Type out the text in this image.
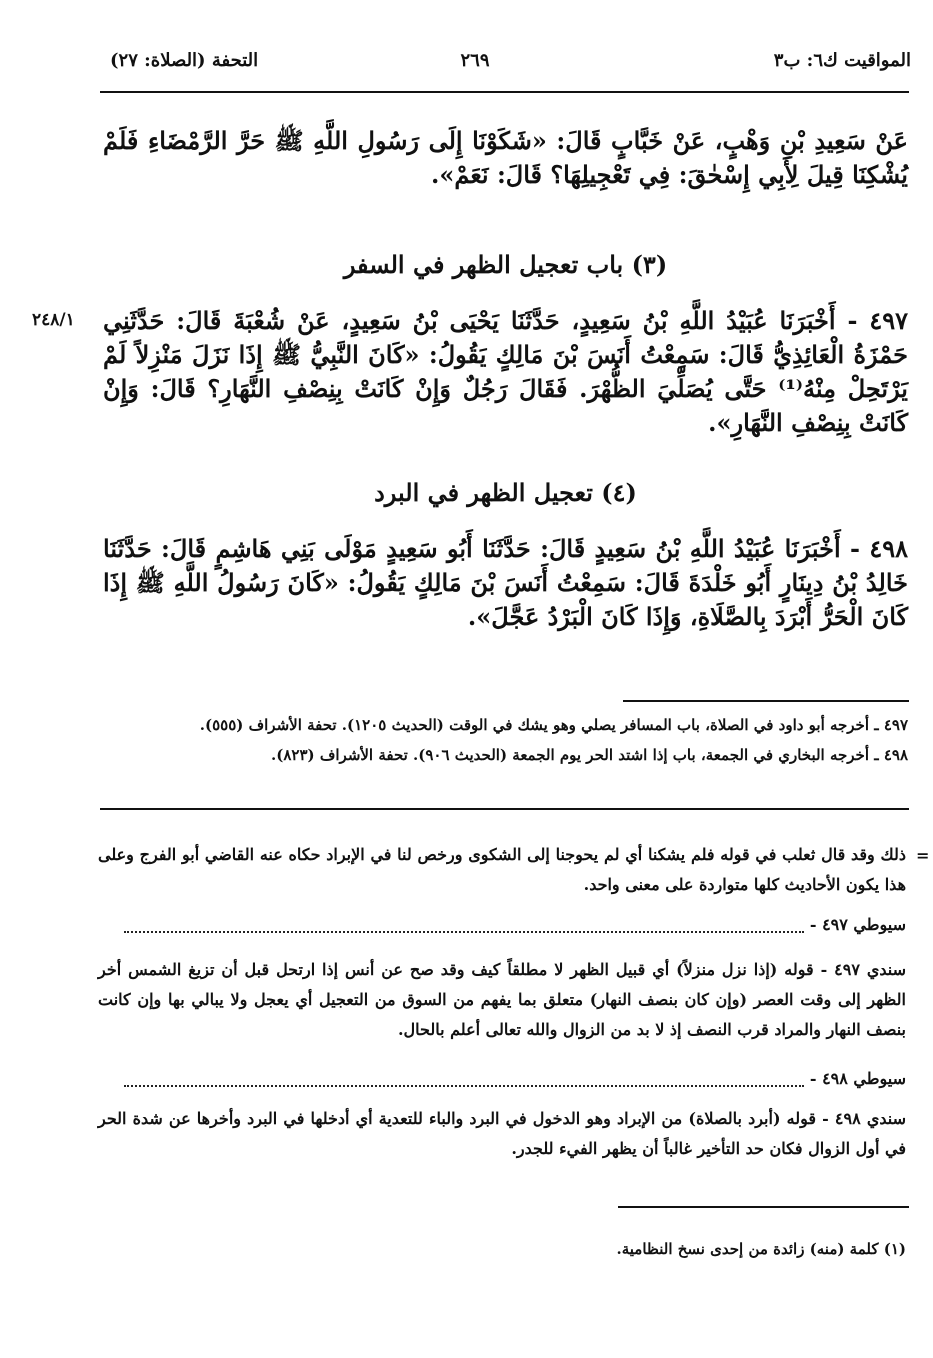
المواقيت ك٦: ب٣
٢٦٩
التحفة (الصلاة: ٢٧)
عَنْ سَعِيدِ بْنِ وَهْبٍ، عَنْ خَبَّابٍ قَالَ: «شَكَوْنَا إِلَى رَسُولِ اللَّهِ ﷺ حَرَّ الرَّمْضَاءِ فَلَمْ يُشْكِنَا قِيلَ لِأَبِي إِسْحٰقَ: فِي تَعْجِيلِهَا؟ قَالَ: نَعَمْ».
(٣) باب تعجيل الظهر في السفر
٤٩٧ - أَخْبَرَنَا عُبَيْدُ اللَّهِ بْنُ سَعِيدٍ، حَدَّثَنَا يَحْيَى بْنُ سَعِيدٍ، عَنْ شُعْبَةَ قَالَ: حَدَّثَنِي حَمْزَةُ الْعَائِذِيُّ قَالَ: سَمِعْتُ أَنَسَ بْنَ مَالِكٍ يَقُولُ: «كَانَ النَّبِيُّ ﷺ إِذَا نَزَلَ مَنْزِلاً لَمْ يَرْتَحِلْ مِنْهُ⁽¹⁾ حَتَّى يُصَلِّيَ الظُّهْرَ. فَقَالَ رَجُلٌ وَإِنْ كَانَتْ بِنِصْفِ النَّهَارِ؟ قَالَ: وَإِنْ كَانَتْ بِنِصْفِ النَّهَارِ».
٢٤٨/١
(٤) تعجيل الظهر في البرد
٤٩٨ - أَخْبَرَنَا عُبَيْدُ اللَّهِ بْنُ سَعِيدٍ قَالَ: حَدَّثَنَا أَبُو سَعِيدٍ مَوْلَى بَنِي هَاشِمٍ قَالَ: حَدَّثَنَا خَالِدُ بْنُ دِينَارٍ أَبُو خَلْدَةَ قَالَ: سَمِعْتُ أَنَسَ بْنَ مَالِكٍ يَقُولُ: «كَانَ رَسُولُ اللَّهِ ﷺ إِذَا كَانَ الْحَرُّ أَبْرَدَ بِالصَّلَاةِ، وَإِذَا كَانَ الْبَرْدُ عَجَّلَ».
٤٩٧ ـ أخرجه أبو داود في الصلاة، باب المسافر يصلي وهو يشك في الوقت (الحديث ١٢٠٥). تحفة الأشراف (٥٥٥).
٤٩٨ ـ أخرجه البخاري في الجمعة، باب إذا اشتد الحر يوم الجمعة (الحديث ٩٠٦). تحفة الأشراف (٨٢٣).
=
ذلك وقد قال ثعلب في قوله فلم يشكنا أي لم يحوجنا إلى الشكوى ورخص لنا في الإبراد حكاه عنه القاضي أبو الفرج وعلى هذا يكون الأحاديث كلها متواردة على معنى واحد.
سيوطي ٤٩٧ -
سندي ٤٩٧ - قوله (إذا نزل منزلاً) أي قبيل الظهر لا مطلقاً كيف وقد صح عن أنس إذا ارتحل قبل أن تزيغ الشمس أخر الظهر إلى وقت العصر (وإن كان بنصف النهار) متعلق بما يفهم من السوق من التعجيل أي يعجل ولا يبالي بها وإن كانت بنصف النهار والمراد قرب النصف إذ لا بد من الزوال والله تعالى أعلم بالحال.
سيوطي ٤٩٨ -
سندي ٤٩٨ - قوله (أبرد بالصلاة) من الإبراد وهو الدخول في البرد والباء للتعدية أي أدخلها في البرد وأخرها عن شدة الحر في أول الزوال فكان حد التأخير غالباً أن يظهر الفيء للجدر.
(١) كلمة (منه) زائدة من إحدى نسخ النظامية.
